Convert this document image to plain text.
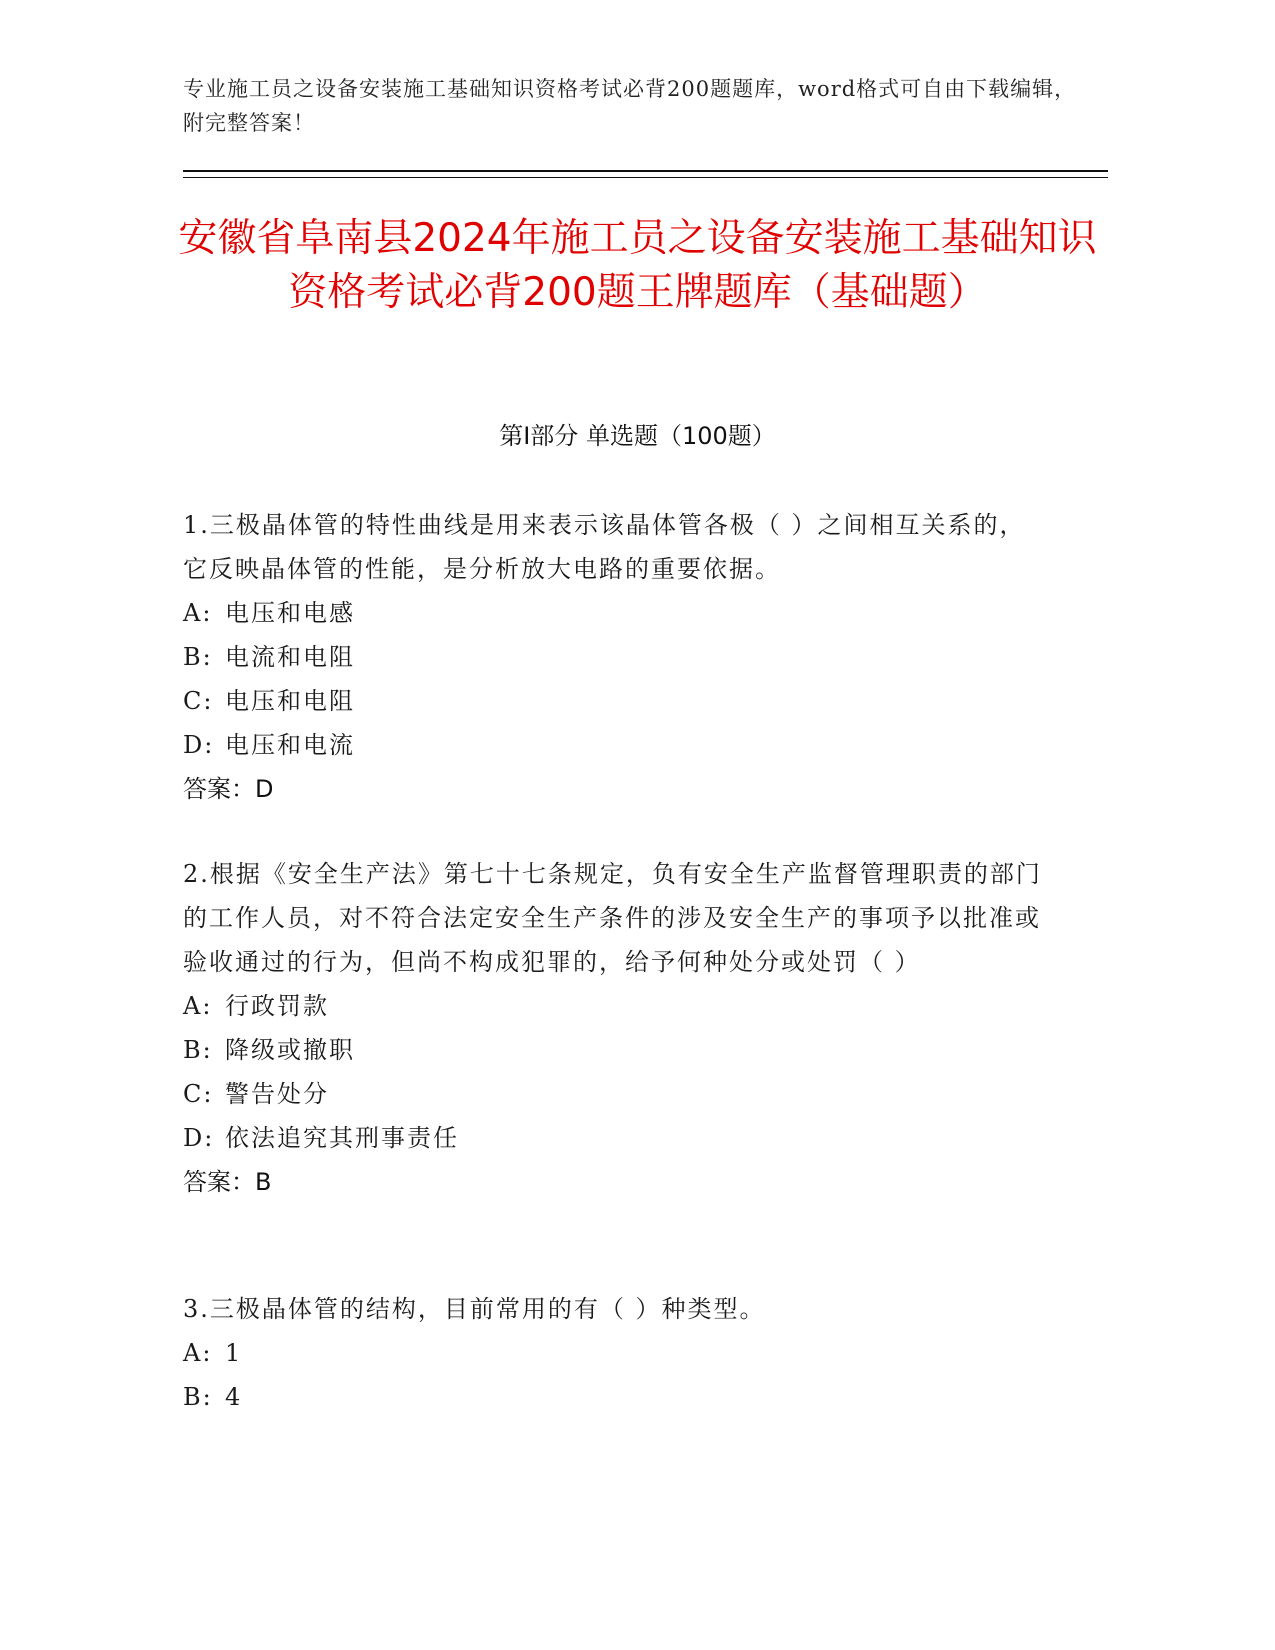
专业施工员之设备安装施工基础知识资格考试必背200题题库，word格式可自由下载编辑，附完整答案！
安徽省阜南县2024年施工员之设备安装施工基础知识资格考试必背200题王牌题库（基础题）
第I部分 单选题（100题）

1.三极晶体管的特性曲线是用来表示该晶体管各极（ ）之间相互关系的，它反映晶体管的性能，是分析放大电路的重要依据。

A: 电压和电感

B: 电流和电阻

C: 电压和电阻

D: 电压和电流

答案：D

2.根据《安全生产法》第七十七条规定，负有安全生产监督管理职责的部门的工作人员，对不符合法定安全生产条件的涉及安全生产的事项予以批准或验收通过的行为，但尚不构成犯罪的，给予何种处分或处罚（ ）

A: 行政罚款

B: 降级或撤职

C: 警告处分

D: 依法追究其刑事责任

答案：B

3.三极晶体管的结构，目前常用的有（ ）种类型。

A: 1

B: 4
